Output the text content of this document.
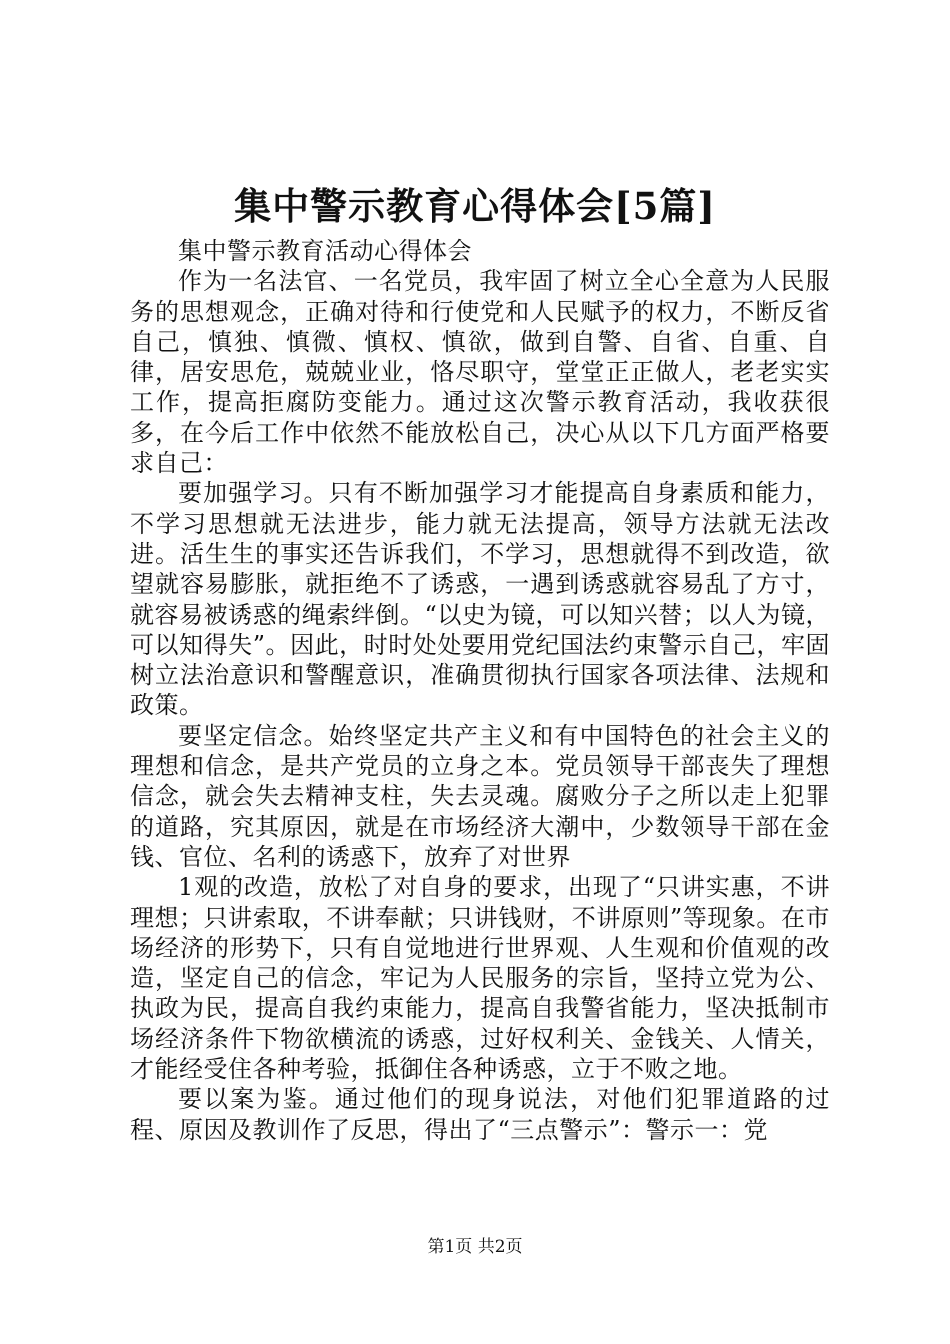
集中警示教育心得体会[5篇]

集中警示教育活动心得体会

作为一名法官、一名党员，我牢固了树立全心全意为人民服务的思想观念，正确对待和行使党和人民赋予的权力，不断反省自己，慎独、慎微、慎权、慎欲，做到自警、自省、自重、自律，居安思危，兢兢业业，恪尽职守，堂堂正正做人，老老实实工作，提高拒腐防变能力。通过这次警示教育活动，我收获很多，在今后工作中依然不能放松自己，决心从以下几方面严格要求自己：

要加强学习。只有不断加强学习才能提高自身素质和能力，不学习思想就无法进步，能力就无法提高，领导方法就无法改进。活生生的事实还告诉我们，不学习，思想就得不到改造，欲望就容易膨胀，就拒绝不了诱惑，一遇到诱惑就容易乱了方寸，就容易被诱惑的绳索绊倒。“以史为镜，可以知兴替；以人为镜，可以知得失”。因此，时时处处要用党纪国法约束警示自己，牢固树立法治意识和警醒意识，准确贯彻执行国家各项法律、法规和政策。

要坚定信念。始终坚定共产主义和有中国特色的社会主义的理想和信念，是共产党员的立身之本。党员领导干部丧失了理想信念，就会失去精神支柱，失去灵魂。腐败分子之所以走上犯罪的道路，究其原因，就是在市场经济大潮中，少数领导干部在金钱、官位、名利的诱惑下，放弃了对世界

1观的改造，放松了对自身的要求，出现了“只讲实惠，不讲理想；只讲索取，不讲奉献；只讲钱财，不讲原则”等现象。在市场经济的形势下，只有自觉地进行世界观、人生观和价值观的改造，坚定自己的信念，牢记为人民服务的宗旨，坚持立党为公、执政为民，提高自我约束能力，提高自我警省能力，坚决抵制市场经济条件下物欲横流的诱惑，过好权利关、金钱关、人情关，才能经受住各种考验，抵御住各种诱惑，立于不败之地。

要以案为鉴。通过他们的现身说法，对他们犯罪道路的过程、原因及教训作了反思，得出了“三点警示”：警示一：党

第1页 共2页
